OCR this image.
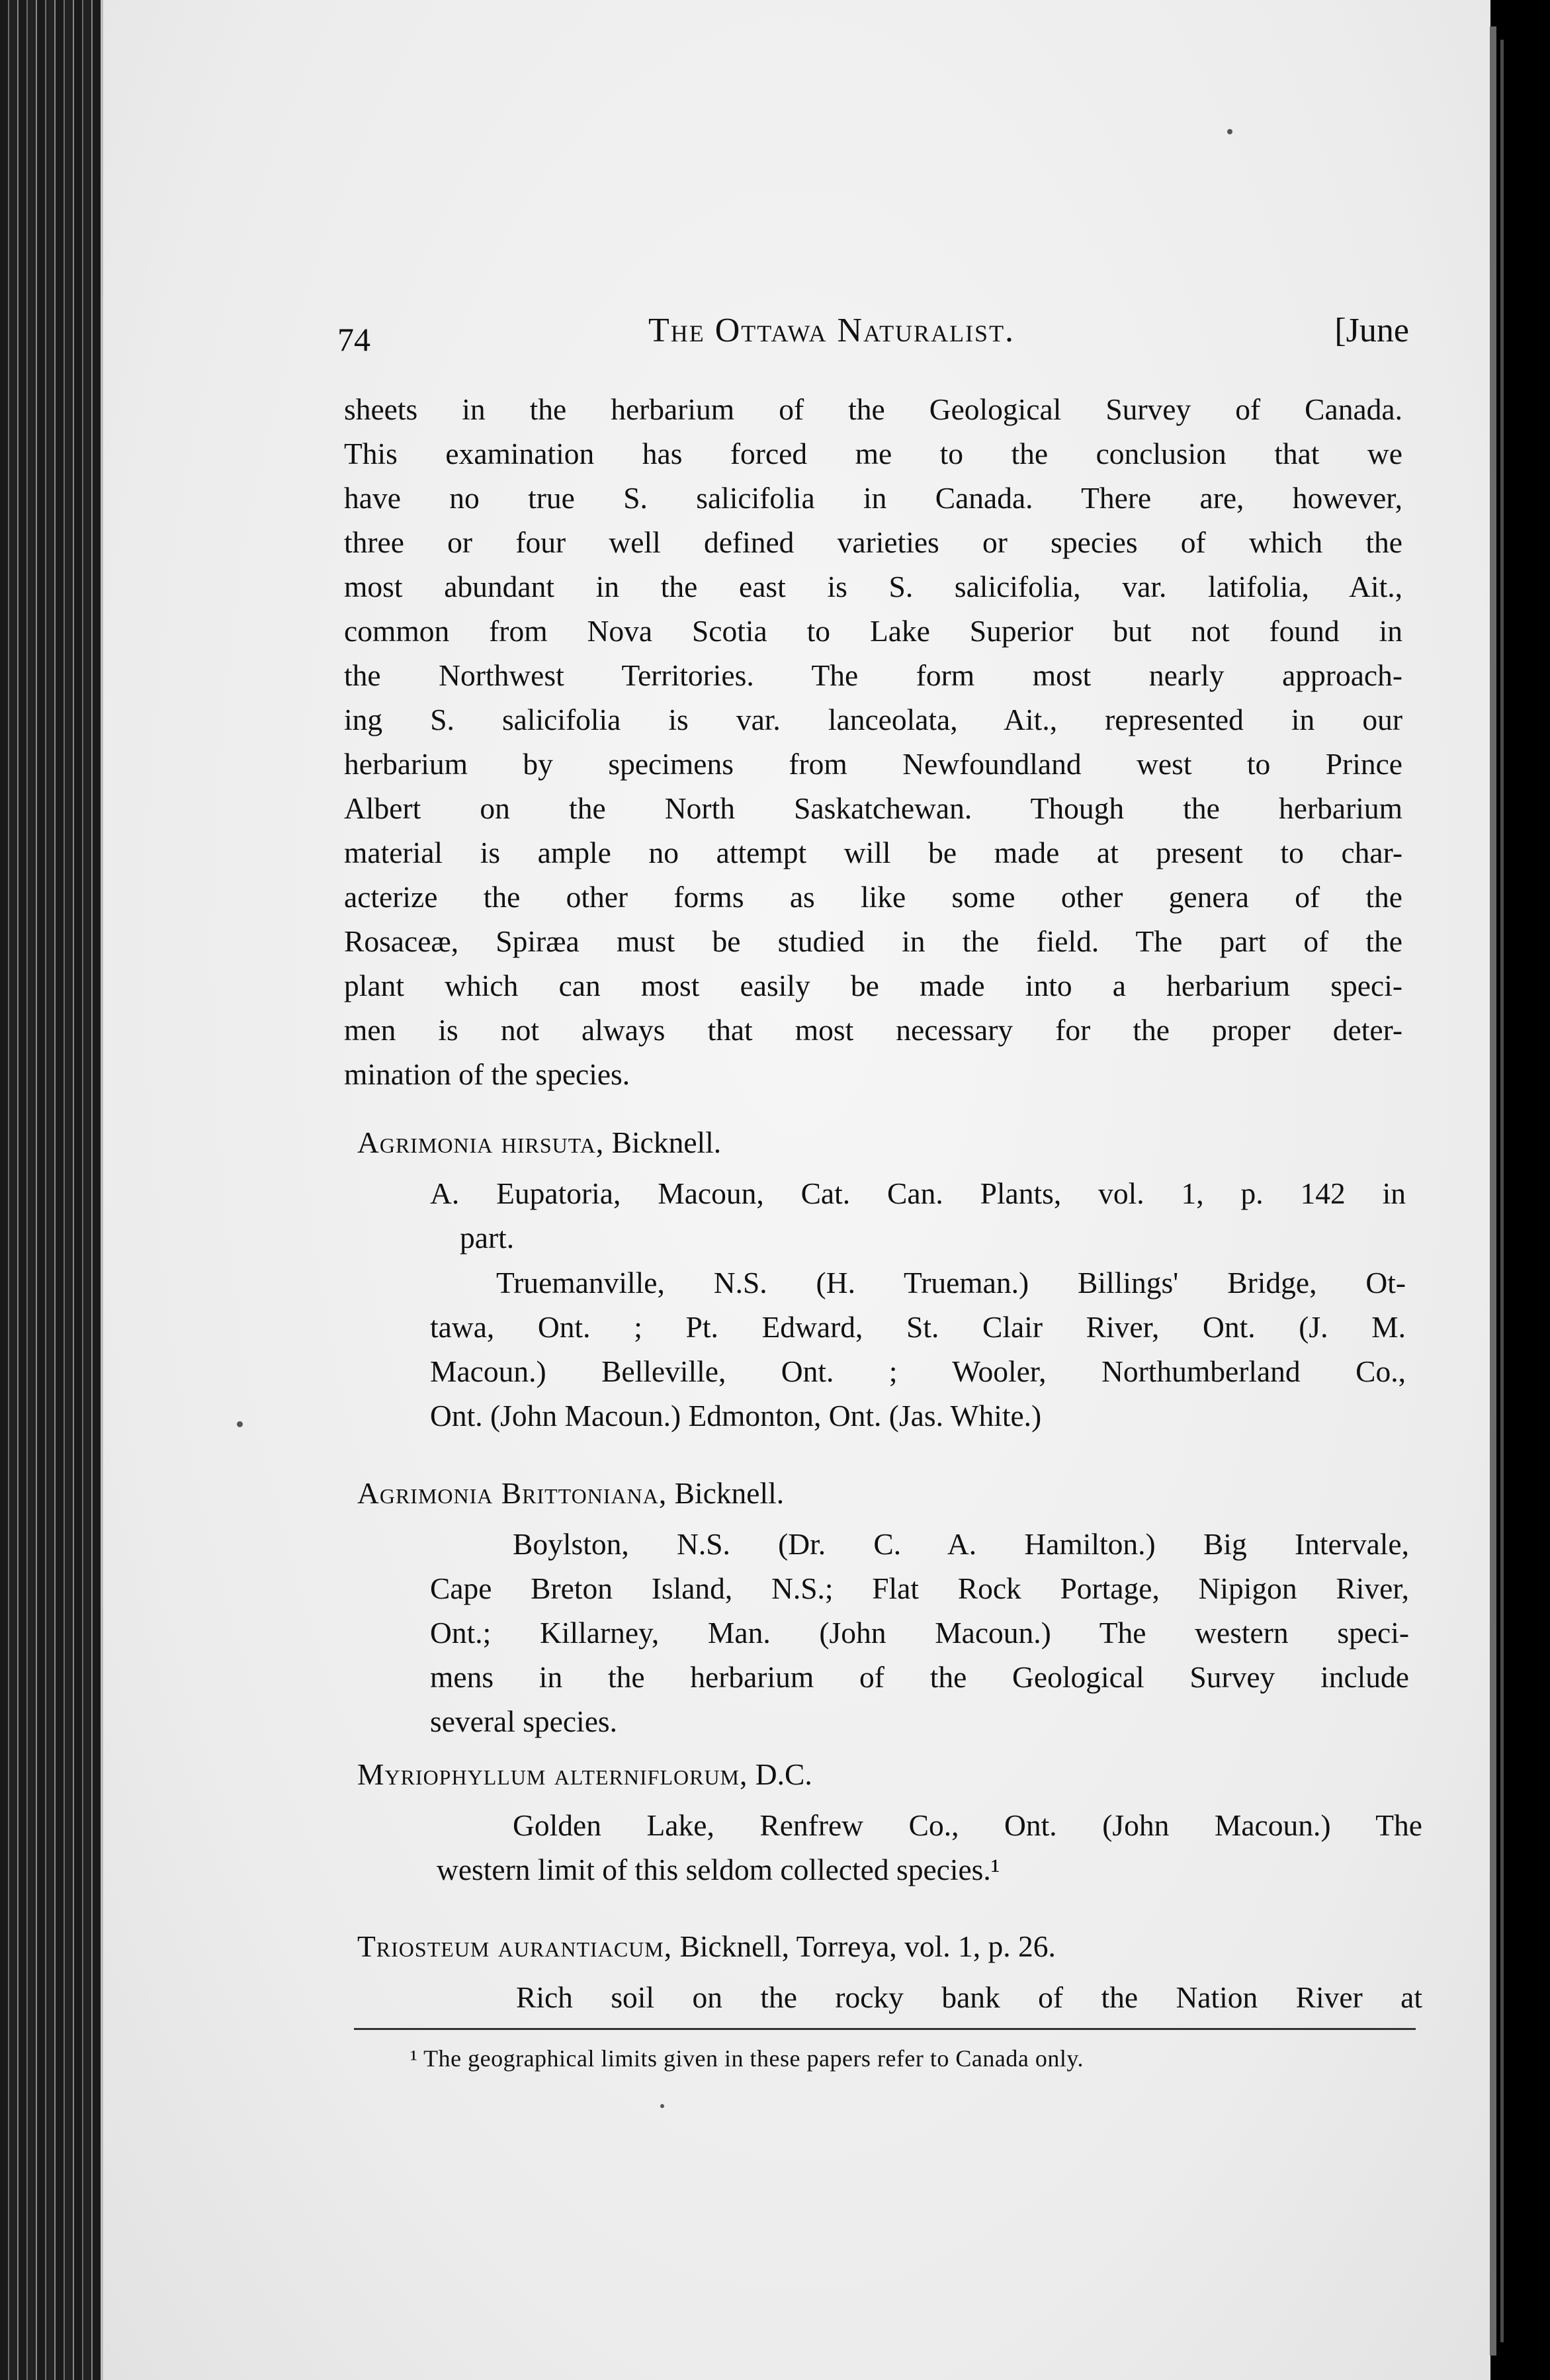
74	The Ottawa Naturalist.	[June
sheets in the herbarium of the Geological Survey of Canada.
This examination has forced me to the conclusion that we
have no true S. salicifolia in Canada. There are, however,
three or four well defined varieties or species of which the
most abundant in the east is S. salicifolia, var. latifolia, Ait.,
common from Nova Scotia to Lake Superior but not found in
the Northwest Territories. The form most nearly approach-
ing S. salicifolia is var. lanceolata, Ait., represented in our
herbarium by specimens from Newfoundland west to Prince
Albert on the North Saskatchewan. Though the herbarium
material is ample no attempt will be made at present to char-
acterize the other forms as like some other genera of the
Rosaceæ, Spiræa must be studied in the field. The part of the
plant which can most easily be made into a herbarium speci-
men is not always that most necessary for the proper deter-
mination of the species.
Agrimonia hirsuta, Bicknell.
A. Eupatoria, Macoun, Cat. Can. Plants, vol. 1, p. 142 in
part.
Truemanville, N.S. (H. Trueman.) Billings' Bridge, Ot-
tawa, Ont. ; Pt. Edward, St. Clair River, Ont. (J. M.
Macoun.) Belleville, Ont. ; Wooler, Northumberland Co.,
Ont. (John Macoun.) Edmonton, Ont. (Jas. White.)
Agrimonia Brittoniana, Bicknell.
Boylston, N.S. (Dr. C. A. Hamilton.) Big Intervale,
Cape Breton Island, N.S.; Flat Rock Portage, Nipigon River,
Ont.; Killarney, Man. (John Macoun.) The western speci-
mens in the herbarium of the Geological Survey include
several species.
Myriophyllum alterniflorum, D.C.
Golden Lake, Renfrew Co., Ont. (John Macoun.) The
western limit of this seldom collected species.¹
Triosteum aurantiacum, Bicknell, Torreya, vol. 1, p. 26.
Rich soil on the rocky bank of the Nation River at
¹ The geographical limits given in these papers refer to Canada only.
